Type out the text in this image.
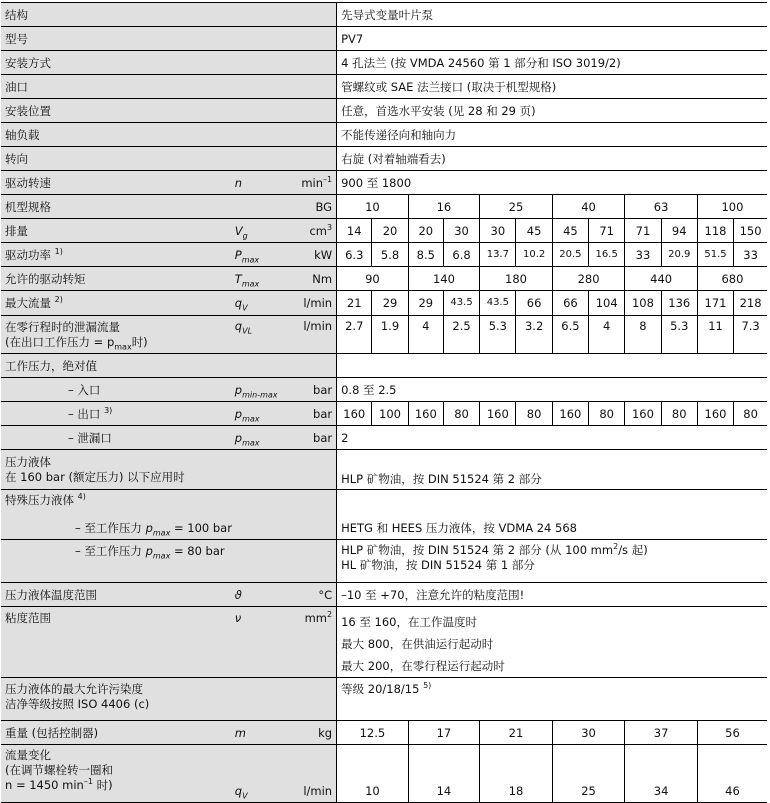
结构			先导式变量叶片泵											
型号			PV7											
安装方式			4 孔法兰 (按 VMDA 24560 第 1 部分和 ISO 3019/2)											
油口			管螺纹或 SAE 法兰接口 (取决于机型规格)											
安装位置			任意，首选水平安装 (见 28 和 29 页)											
轴负载			不能传递径向和轴向力											
转向			右旋 (对着轴端看去)											
驱动转速	n	$\min^{-1}$	900 至 1800											
机型规格		BG	10		16		25		40		63		100	
排量	$V_g$	$cm^3$	14	20	20	30	30	45	45	71	71	94	118	150
驱动功率 $^{1)}$	$P_{max}$	kW	6.3	5.8	8.5	6.8	13.7	10.2	20.5	16.5	33	20.9	51.5	33
允许的驱动转矩	$T_{max}$	Nm	90		140		180		280		440		680	
最大流量 $^{2)}$	$q_V$	l/min	21	29	29	43.5	43.5	66	66	104	108	136	171	218
在零行程时的泄漏流量
(在出口工作压力 = $p_{max}$时)	$q_{VL}$	l/min	2.7	1.9	4	2.5	5.3	3.2	6.5	4	8	5.3	11	7.3
工作压力，绝对值														
– 入口	$p_{min-max}$	bar	0.8 至 2.5											
– 出口 $^{3)}$	$p_{max}$	bar	160	100	160	80	160	80	160	80	160	80	160	80
– 泄漏口	$p_{max}$	bar	2											
压力液体
在 160 bar (额定压力) 以下应用时			HLP 矿物油，按 DIN 51524 第 2 部分											
特殊压力液体 $^{4)}$	
– 至工作压力 $p_{max} = 100$ bar			HETG 和 HEES 压力液体，按 VDMA 24 568											
– 至工作压力 $p_{max} = 80$ bar			HLP 矿物油，按 DIN 51524 第 2 部分 (从 100 $mm^2/s$ 起)
HL 矿物油，按 DIN 51524 第 1 部分											
压力液体温度范围	ϑ	°C	–10 至 +70，注意允许的粘度范围!											
粘度范围	ν	$mm^2$	16 至 160，在工作温度时
最大 800，在供油运行起动时
最大 200，在零行程运行起动时											
压力液体的最大允许污染度
洁净等级按照 ISO 4406 (c)			等级 20/18/15 $^{5)}$
重量 (包括控制器)	m	kg	12.5		17		21		30		37		56	
流量变化
(在调节螺栓转一圈和
n = 1450 $\min^{-1}$ 时)	$q_V$	l/min	10		14		18		25		34		46	
